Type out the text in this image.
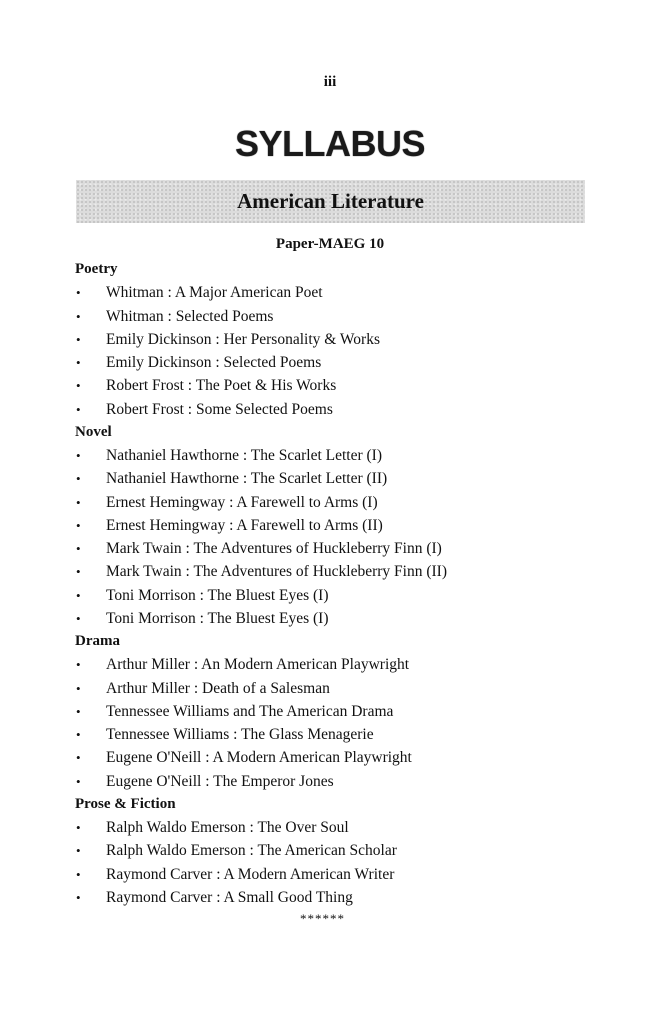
iii
SYLLABUS
American Literature
Paper-MAEG 10
Poetry
•	Whitman : A Major American Poet
•	Whitman : Selected Poems
•	Emily Dickinson : Her Personality & Works
•	Emily Dickinson : Selected Poems
•	Robert Frost : The Poet & His Works
•	Robert Frost : Some Selected Poems
Novel
•	Nathaniel Hawthorne : The Scarlet Letter (I)
•	Nathaniel Hawthorne : The Scarlet Letter (II)
•	Ernest Hemingway : A Farewell to Arms (I)
•	Ernest Hemingway : A Farewell to Arms (II)
•	Mark Twain : The Adventures of Huckleberry Finn (I)
•	Mark Twain : The Adventures of Huckleberry Finn (II)
•	Toni Morrison : The Bluest Eyes (I)
•	Toni Morrison : The Bluest Eyes (I)
Drama
•	Arthur Miller : An Modern American Playwright
•	Arthur Miller : Death of a Salesman
•	Tennessee Williams and The American Drama
•	Tennessee Williams : The Glass Menagerie
•	Eugene O'Neill : A Modern American Playwright
•	Eugene O'Neill : The Emperor Jones
Prose & Fiction
•	Ralph Waldo Emerson : The Over Soul
•	Ralph Waldo Emerson : The American Scholar
•	Raymond Carver : A Modern American Writer
•	Raymond Carver : A Small Good Thing
******
